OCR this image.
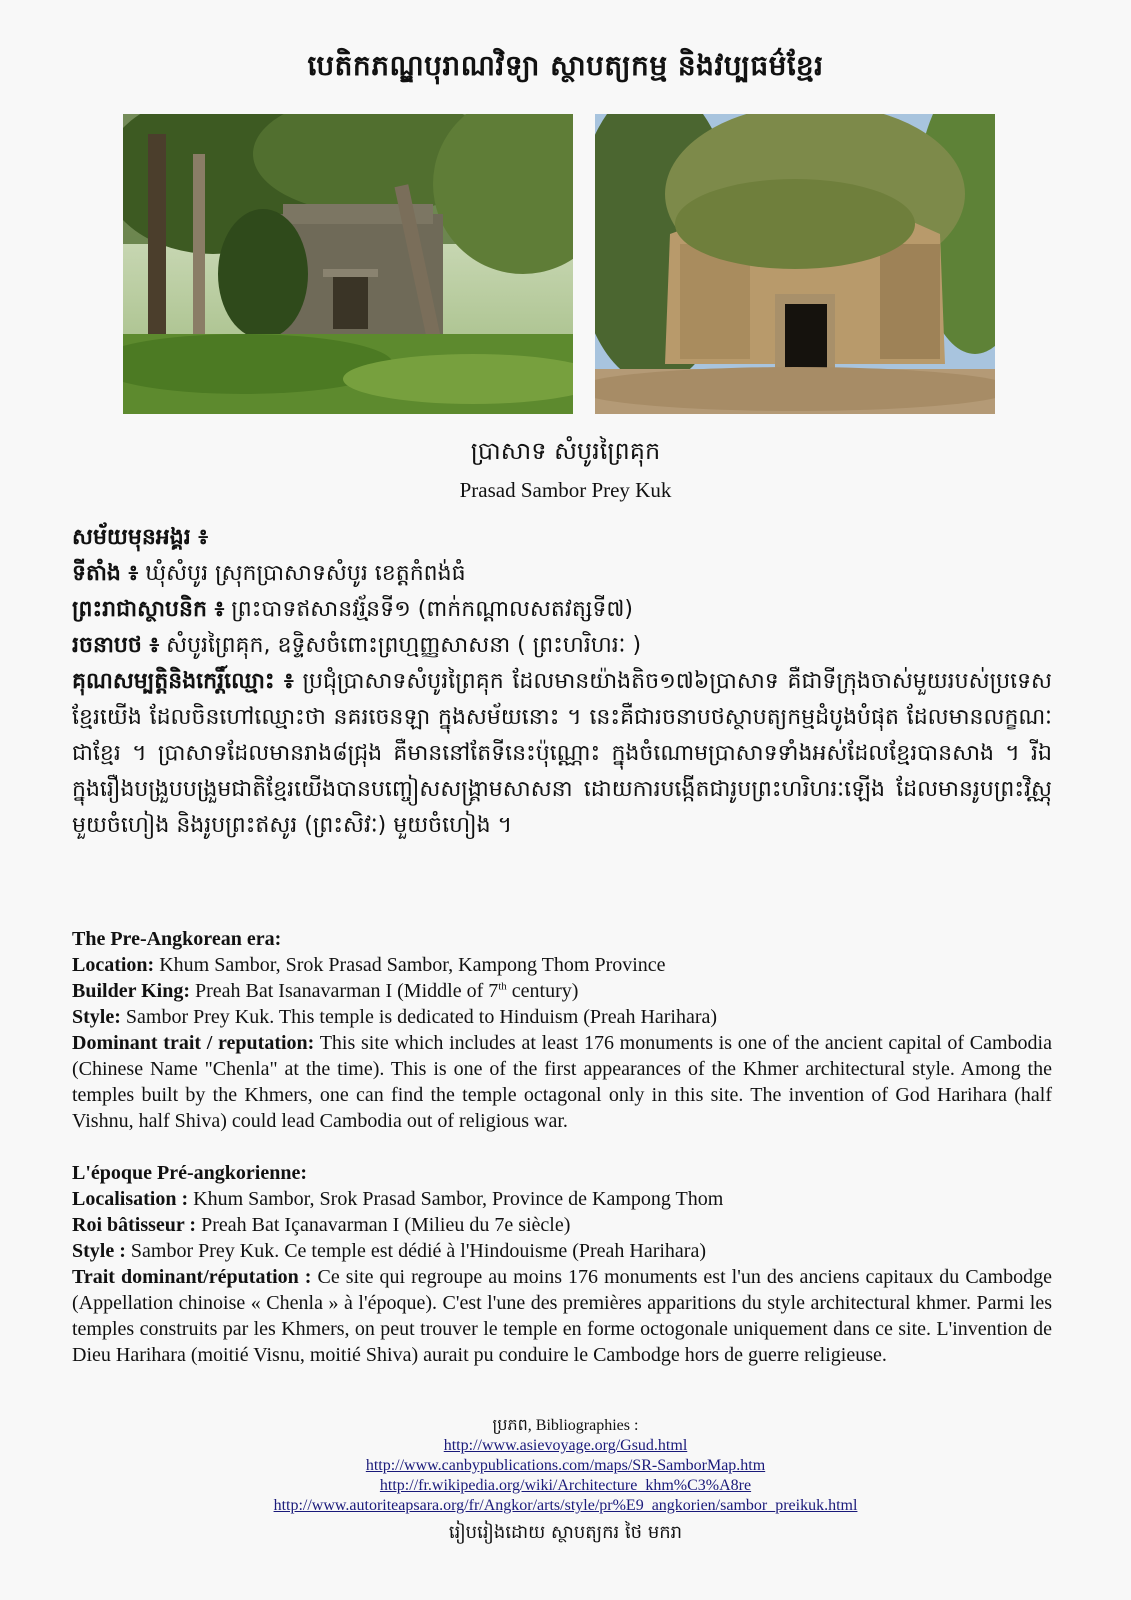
បេតិកភណ្ឌបុរាណវិទ្យា ស្ថាបត្យកម្ម និងវប្បធម៌ខ្មែរ
ប្រាសាទ សំបូរព្រៃគុក
Prasad Sambor Prey Kuk
សម័យមុនអង្គរ ៖
ទីតាំង ៖ ឃុំសំបូរ ស្រុកប្រាសាទសំបូរ ខេត្តកំពង់ធំ
ព្រះរាជាស្ថាបនិក ៖ ព្រះបាទឥសានវរ្ម័នទី១ (ពាក់កណ្តាលសតវត្សទី៧)
រចនាបថ ៖ សំបូរព្រៃគុក, ឧទ្ទិសចំពោះព្រហ្មញ្ញសាសនា ( ព្រះហរិហរៈ )
គុណសម្បត្តិនិងកេរ្តិ៍ឈ្មោះ ៖ ប្រជុំប្រាសាទសំបូរព្រៃគុក ដែលមានយ៉ាងតិច១៧៦ប្រាសាទ គឺជាទីក្រុងចាស់មួយរបស់ប្រទេសខ្មែរយើង ដែលចិនហៅឈ្មោះថា នគរចេនឡា ក្នុងសម័យនោះ ។ នេះគឺជារចនាបថស្ថាបត្យកម្មដំបូងបំផុត ដែលមានលក្ខណៈជាខ្មែរ ។ ប្រាសាទដែលមានរាង៨ជ្រុង គឺមាននៅតែទីនេះប៉ុណ្ណោះ ក្នុងចំណោមប្រាសាទទាំងអស់ដែលខ្មែរបានសាង ។ រីឯក្នុងរឿងបង្រួបបង្រួមជាតិខ្មែរយើងបានបញ្ចៀសសង្គ្រាមសាសនា ដោយការបង្កើតជារូបព្រះហរិហរៈឡើង ដែលមានរូបព្រះវិស្ណុមួយចំហៀង និងរូបព្រះឥសូរ (ព្រះសិវៈ) មួយចំហៀង ។

The Pre-Angkorean era:

Location: Khum Sambor, Srok Prasad Sambor, Kampong Thom Province

Builder King: Preah Bat Isanavarman I (Middle of 7th century)

Style: Sambor Prey Kuk. This temple is dedicated to Hinduism (Preah Harihara)

Dominant trait / reputation: This site which includes at least 176 monuments is one of the ancient capital of Cambodia (Chinese Name "Chenla" at the time). This is one of the first appearances of the Khmer architectural style. Among the temples built by the Khmers, one can find the temple octagonal only in this site. The invention of God Harihara (half Vishnu, half Shiva) could lead Cambodia out of religious war.

L'époque Pré-angkorienne:

Localisation : Khum Sambor, Srok Prasad Sambor, Province de Kampong Thom

Roi bâtisseur : Preah Bat Içanavarman I (Milieu du 7e siècle)

Style : Sambor Prey Kuk. Ce temple est dédié à l'Hindouisme (Preah Harihara)

Trait dominant/réputation : Ce site qui regroupe au moins 176 monuments est l'un des anciens capitaux du Cambodge (Appellation chinoise « Chenla » à l'époque). C'est l'une des premières apparitions du style architectural khmer. Parmi les temples construits par les Khmers, on peut trouver le temple en forme octogonale uniquement dans ce site. L'invention de Dieu Harihara (moitié Visnu, moitié Shiva) aurait pu conduire le Cambodge hors de guerre religieuse.

ប្រភព, Bibliographies :
http://www.asievoyage.org/Gsud.html
http://www.canbypublications.com/maps/SR-SamborMap.htm
http://fr.wikipedia.org/wiki/Architecture_khm%C3%A8re
http://www.autoriteapsara.org/fr/Angkor/arts/style/pr%E9_angkorien/sambor_preikuk.html
រៀបរៀងដោយ ស្ថាបត្យករ ថៃ មករា
